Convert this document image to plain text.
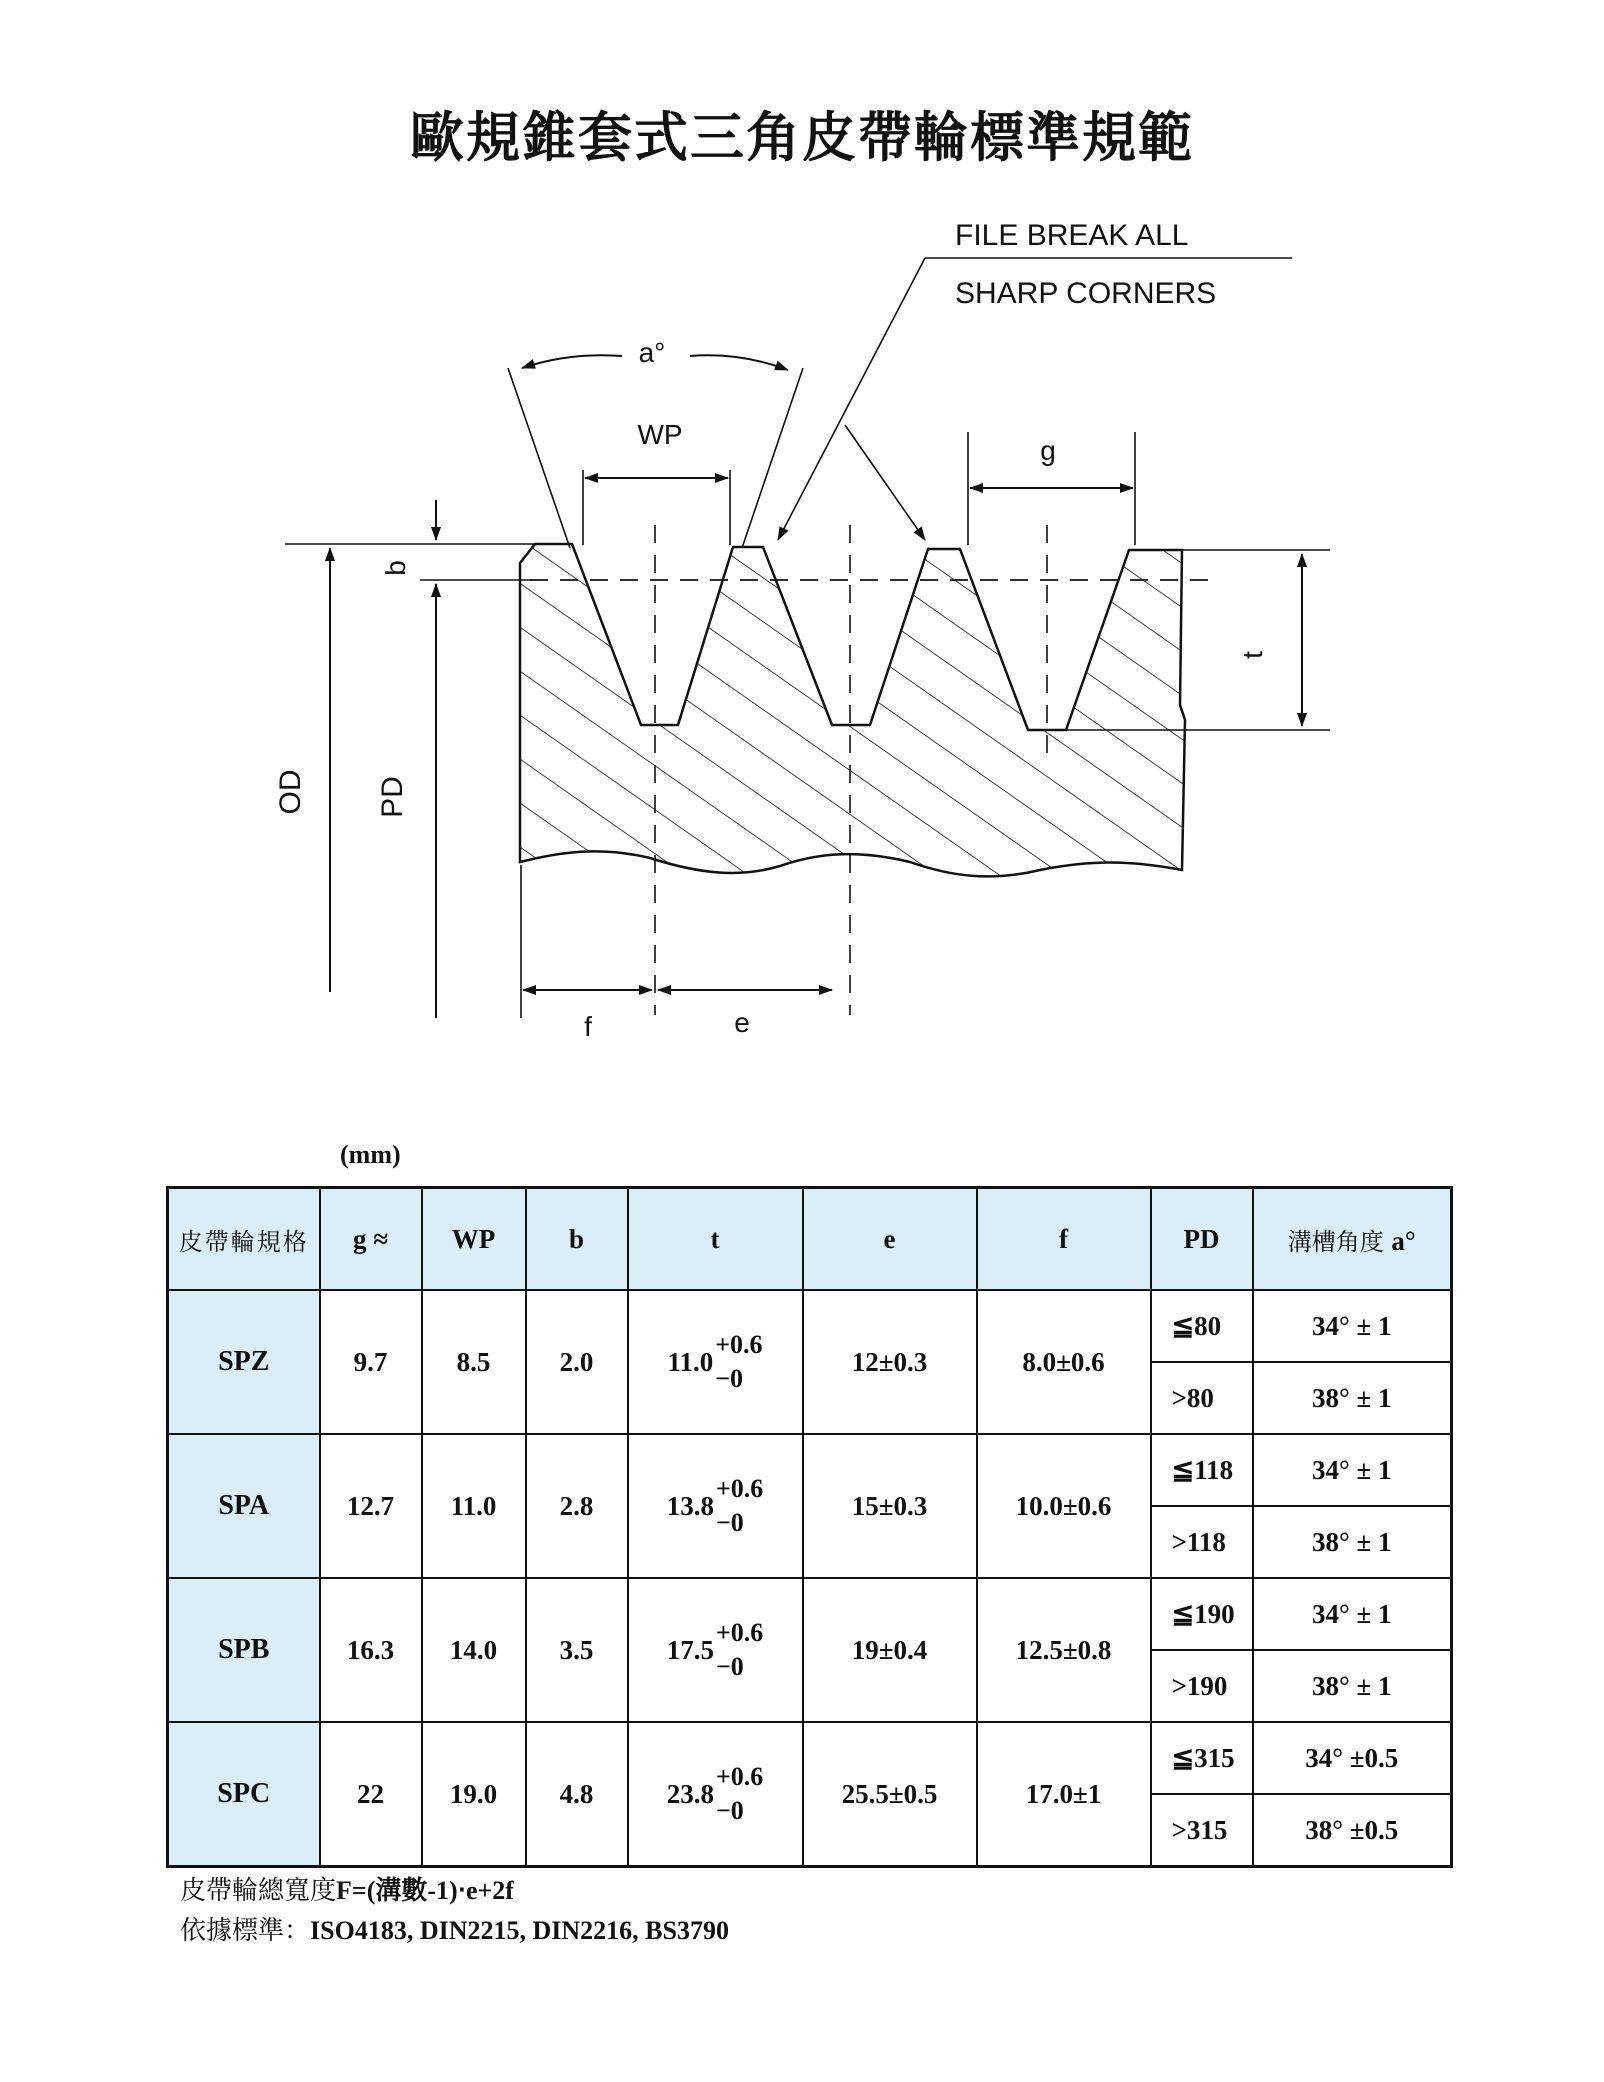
歐規錐套式三角皮帶輪標準規範
a°
WP
g
FILE BREAK ALL
SHARP CORNERS
OD PD
b
t
f	e
(mm)
皮帶輪規格	g ≈	WP	b	t	e	f	PD	溝槽角度 a°
SPZ	9.7	8.5	2.0	11.0
+0.6
−0	12±0.3	8.0±0.6	≦80	34° ± 1
							>80	38° ± 1
SPA	12.7	11.0	2.8	13.8
+0.6
−0	15±0.3	10.0±0.6	≦118	34° ± 1
							>118	38° ± 1
SPB	16.3	14.0	3.5	17.5
+0.6
−0	19±0.4	12.5±0.8	≦190	34° ± 1
							>190	38° ± 1
SPC	22	19.0	4.8	23.8
+0.6
−0	25.5±0.5	17.0±1	≦315	34° ±0.5
							>315	38° ±0.5
皮帶輪總寬度F=(溝數-1)‧e+2f
依據標準：ISO4183, DIN2215, DIN2216, BS3790
